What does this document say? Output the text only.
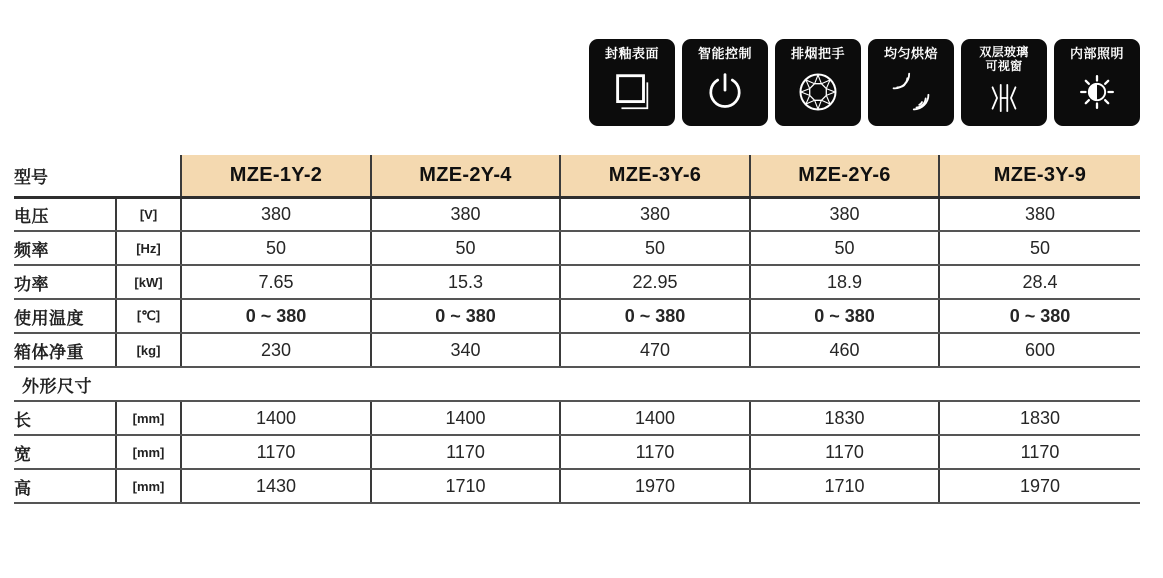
封釉表面	智能控制	排烟把手	均匀烘焙	双层玻璃
可视窗
内部照明
型号		MZE-1Y-2	MZE-2Y-4	MZE-3Y-6	MZE-2Y-6	MZE-3Y-9
电压	[V]	380	380	380	380	380
频率	[Hz]	50	50	50	50	50
功率	[kW]	7.65	15.3	22.95	18.9	28.4
使用温度	[℃]	0 ~ 380	0 ~ 380	0 ~ 380	0 ~ 380	0 ~ 380
箱体净重	[kg]	230	340	470	460	600
外形尺寸						
长	[mm]	1400	1400	1400	1830	1830
宽	[mm]	1170	1170	1170	1170	1170
高	[mm]	1430	1710	1970	1710	1970
